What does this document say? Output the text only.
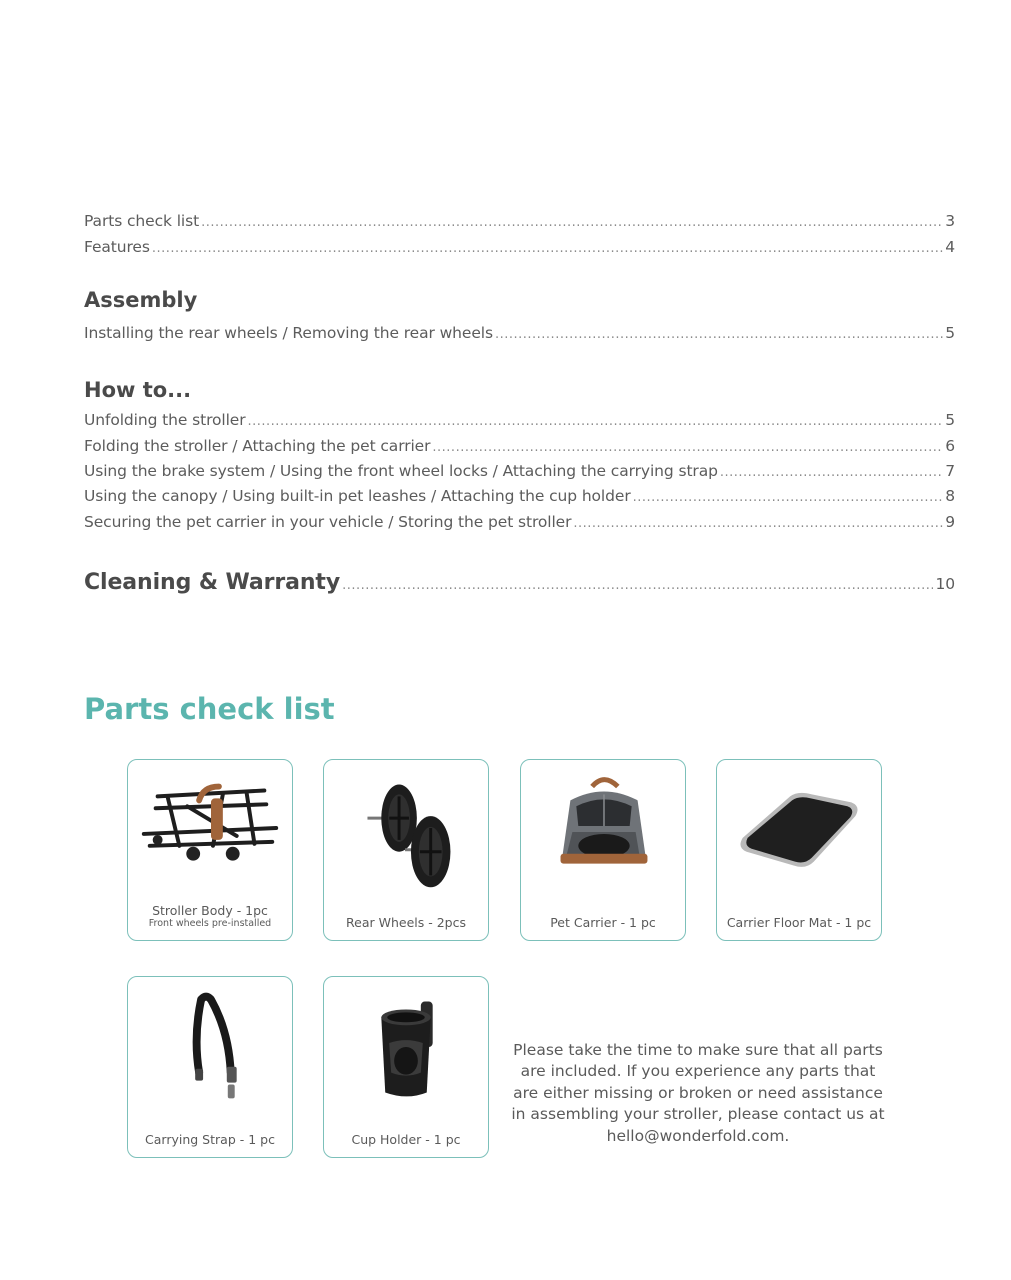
Parts check list .....	3
Features .....	4
Assembly
Installing the rear wheels / Removing the rear wheels .....	5
How to...
Unfolding the stroller .....	5
Folding the stroller / Attaching the pet carrier .....	6
Using the brake system / Using the front wheel locks / Attaching the carrying strap .....	7
Using the canopy / Using built-in pet leashes / Attaching the cup holder .....	8
Securing the pet carrier in your vehicle / Storing the pet stroller .....	9
Cleaning & Warranty .....	10
Parts check list
Stroller Body - 1pc
Front wheels pre-installed	Rear Wheels - 2pcs	Pet Carrier - 1 pc	Carrier Floor Mat - 1 pc
Carrying Strap - 1 pc	Cup Holder - 1 pc

Please take the time to make sure that all parts are included. If you experience any parts that are either missing or broken or need assistance in assembling your stroller, please contact us at hello@wonderfold.com.
